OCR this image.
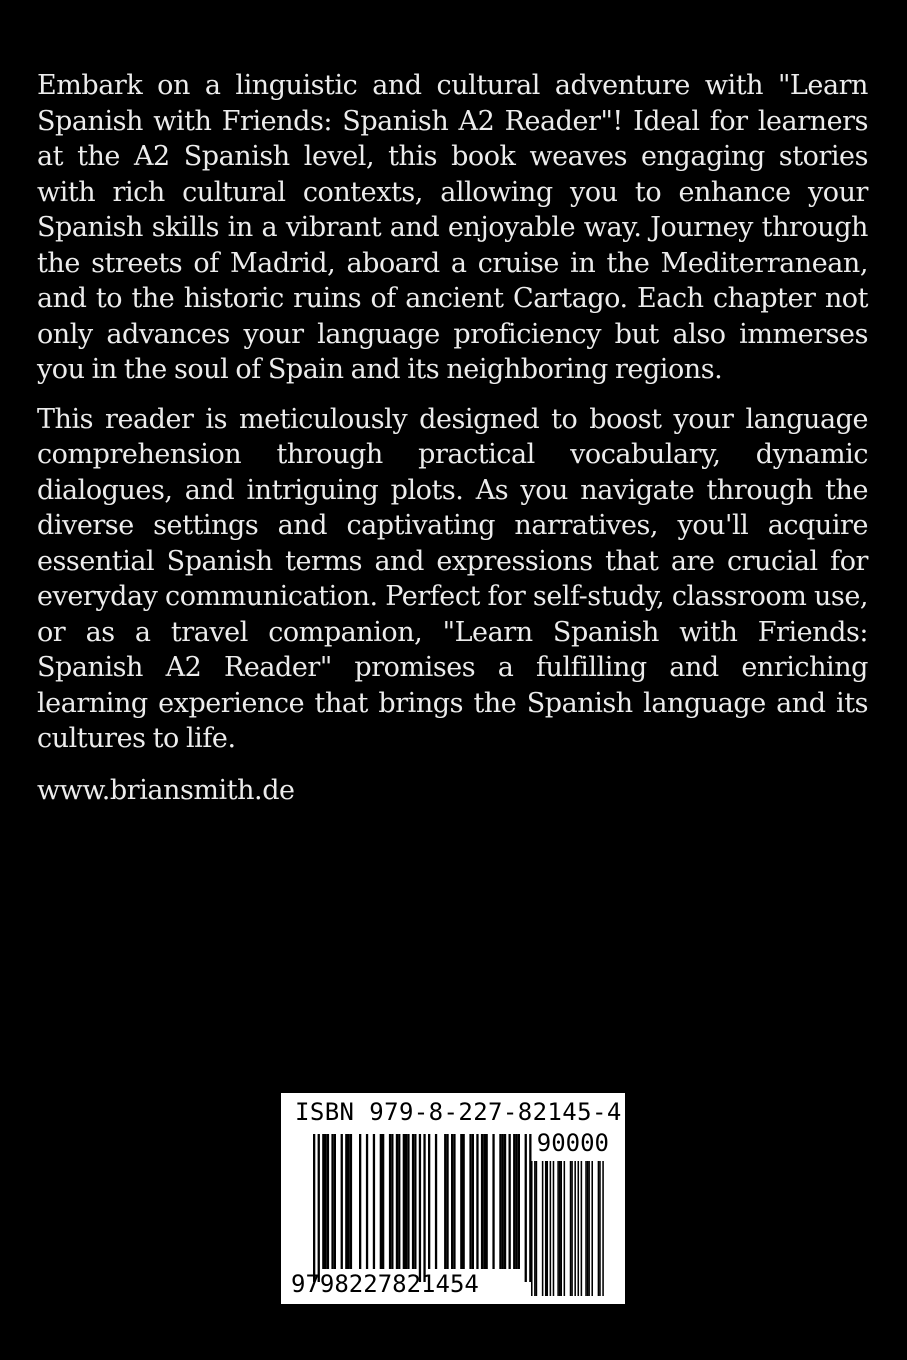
Embark on a linguistic and cultural adventure with "Learn Spanish with Friends: Spanish A2 Reader"! Ideal for learners at the A2 Spanish level, this book weaves engaging stories with rich cultural contexts, allowing you to enhance your Spanish skills in a vibrant and enjoyable way. Journey through the streets of Madrid, aboard a cruise in the Mediterranean, and to the historic ruins of ancient Cartago. Each chapter not only advances your language proficiency but also immerses you in the soul of Spain and its neighboring regions.

This reader is meticulously designed to boost your language comprehension through practical vocabulary, dynamic dialogues, and intriguing plots. As you navigate through the diverse settings and captivating narratives, you'll acquire essential Spanish terms and expressions that are crucial for everyday communication. Perfect for self-study, classroom use, or as a travel companion, "Learn Spanish with Friends: Spanish A2 Reader" promises a fulfilling and enriching learning experience that brings the Spanish language and its cultures to life.

www.briansmith.de

ISBN 979-8-227-82145-4
90000
9798227821454
